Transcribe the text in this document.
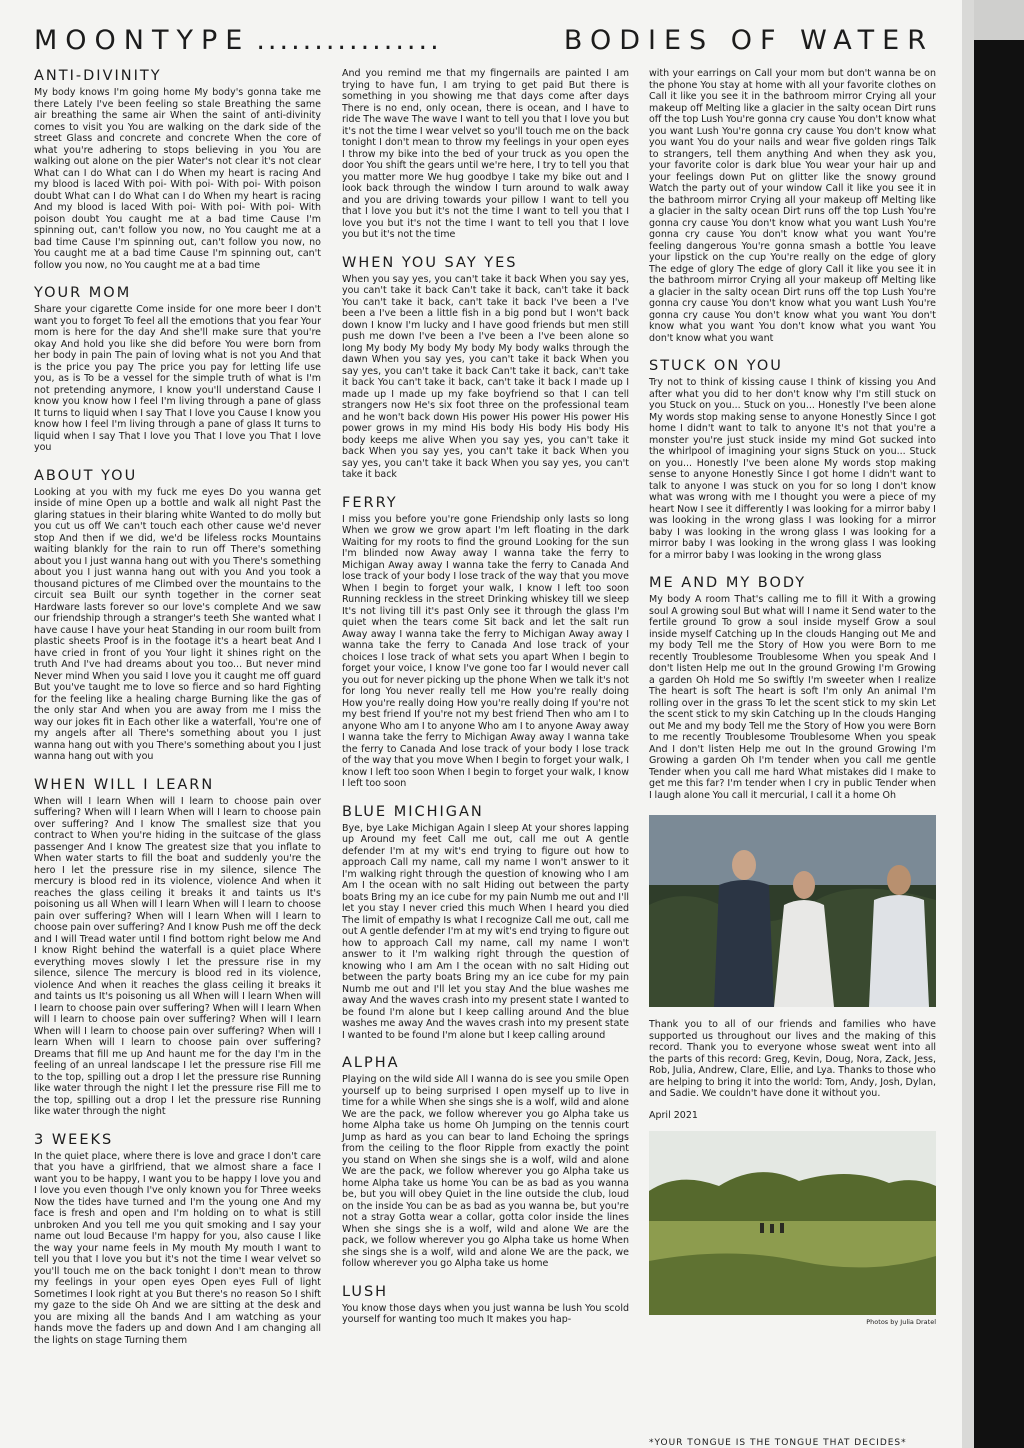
MOONTYPE ................	BODIES OF WATER
ANTI-DIVINITY

My body knows I'm going home My body's gonna take me there Lately I've been feeling so stale Breathing the same air breathing the same air When the saint of anti-divinity comes to visit you You are walking on the dark side of the street Glass and concrete and concrete When the core of what you're adhering to stops believing in you You are walking out alone on the pier Water's not clear it's not clear What can I do What can I do When my heart is racing And my blood is laced With poi- With poi- With poi- With poison doubt What can I do What can I do When my heart is racing And my blood is laced With poi- With poi- With poi- With poison doubt You caught me at a bad time Cause I'm spinning out, can't follow you now, no You caught me at a bad time Cause I'm spinning out, can't follow you now, no You caught me at a bad time Cause I'm spinning out, can't follow you now, no You caught me at a bad time

YOUR MOM

Share your cigarette Come inside for one more beer I don't want you to forget To feel all the emotions that you fear Your mom is here for the day And she'll make sure that you're okay And hold you like she did before You were born from her body in pain The pain of loving what is not you And that is the price you pay The price you pay for letting life use you, as is To be a vessel for the simple truth of what is I'm not pretending anymore, I know you'll understand Cause I know you know how I feel I'm living through a pane of glass It turns to liquid when I say That I love you Cause I know you know how I feel I'm living through a pane of glass It turns to liquid when I say That I love you That I love you That I love you

ABOUT YOU

Looking at you with my fuck me eyes Do you wanna get inside of mine Open up a bottle and walk all night Past the glaring statues in their blaring white Wanted to do molly but you cut us off We can't touch each other cause we'd never stop And then if we did, we'd be lifeless rocks Mountains waiting blankly for the rain to run off There's something about you I just wanna hang out with you There's something about you I just wanna hang out with you And you took a thousand pictures of me Climbed over the mountains to the circuit sea Built our synth together in the corner seat Hardware lasts forever so our love's complete And we saw our friendship through a stranger's teeth She wanted what I have cause I have your heat Standing in our room built from plastic sheets Proof is in the footage it's a heart beat And I have cried in front of you Your light it shines right on the truth And I've had dreams about you too... But never mind Never mind When you said I love you it caught me off guard But you've taught me to love so fierce and so hard Fighting for the feeling like a healing charge Burning like the gas of the only star And when you are away from me I miss the way our jokes fit in Each other like a waterfall, You're one of my angels after all There's something about you I just wanna hang out with you There's something about you I just wanna hang out with you

WHEN WILL I LEARN

When will I learn When will I learn to choose pain over suffering? When will I learn When will I learn to choose pain over suffering? And I know The smallest size that you contract to When you're hiding in the suitcase of the glass passenger And I know The greatest size that you inflate to When water starts to fill the boat and suddenly you're the hero I let the pressure rise in my silence, silence The mercury is blood red in its violence, violence And when it reaches the glass ceiling it breaks it and taints us It's poisoning us all When will I learn When will I learn to choose pain over suffering? When will I learn When will I learn to choose pain over suffering? And I know Push me off the deck and I will Tread water until I find bottom right below me And I know Right behind the waterfall is a quiet place Where everything moves slowly I let the pressure rise in my silence, silence The mercury is blood red in its violence, violence And when it reaches the glass ceiling it breaks it and taints us It's poisoning us all When will I learn When will I learn to choose pain over suffering? When will I learn When will I learn to choose pain over suffering? When will I learn When will I learn to choose pain over suffering? When will I learn When will I learn to choose pain over suffering? Dreams that fill me up And haunt me for the day I'm in the feeling of an unreal landscape I let the pressure rise Fill me to the top, spilling out a drop I let the pressure rise Running like water through the night I let the pressure rise Fill me to the top, spilling out a drop I let the pressure rise Running like water through the night

3 WEEKS

In the quiet place, where there is love and grace I don't care that you have a girlfriend, that we almost share a face I want you to be happy, I want you to be happy I love you and I love you even though I've only known you for Three weeks Now the tides have turned and I'm the young one And my face is fresh and open and I'm holding on to what is still unbroken And you tell me you quit smoking and I say your name out loud Because I'm happy for you, also cause I like the way your name feels in My mouth My mouth I want to tell you that I love you but it's not the time I wear velvet so you'll touch me on the back tonight I don't mean to throw my feelings in your open eyes Open eyes Full of light Sometimes I look right at you But there's no reason So I shift my gaze to the side Oh And we are sitting at the desk and you are mixing all the bands And I am watching as your hands move the faders up and down And I am changing all the lights on stage Turning them

And you remind me that my fingernails are painted I am trying to have fun, I am trying to get paid But there is something in you showing me that days come after days There is no end, only ocean, there is ocean, and I have to ride The wave The wave I want to tell you that I love you but it's not the time I wear velvet so you'll touch me on the back tonight I don't mean to throw my feelings in your open eyes I throw my bike into the bed of your truck as you open the door You shift the gears until we're here, I try to tell you that you matter more We hug goodbye I take my bike out and I look back through the window I turn around to walk away and you are driving towards your pillow I want to tell you that I love you but it's not the time I want to tell you that I love you but it's not the time I want to tell you that I love you but it's not the time

WHEN YOU SAY YES

When you say yes, you can't take it back When you say yes, you can't take it back Can't take it back, can't take it back You can't take it back, can't take it back I've been a I've been a I've been a little fish in a big pond but I won't back down I know I'm lucky and I have good friends but men still push me down I've been a I've been a I've been alone so long My body My body My body My body walks through the dawn When you say yes, you can't take it back When you say yes, you can't take it back Can't take it back, can't take it back You can't take it back, can't take it back I made up I made up I made up my fake boyfriend so that I can tell strangers now He's six foot three on the professional team and he won't back down His power His power His power His power grows in my mind His body His body His body His body keeps me alive When you say yes, you can't take it back When you say yes, you can't take it back When you say yes, you can't take it back When you say yes, you can't take it back

FERRY

I miss you before you're gone Friendship only lasts so long When we grow we grow apart I'm left floating in the dark Waiting for my roots to find the ground Looking for the sun I'm blinded now Away away I wanna take the ferry to Michigan Away away I wanna take the ferry to Canada And lose track of your body I lose track of the way that you move When I begin to forget your walk, I know I left too soon Running reckless in the street Drinking whiskey till we sleep It's not living till it's past Only see it through the glass I'm quiet when the tears come Sit back and let the salt run Away away I wanna take the ferry to Michigan Away away I wanna take the ferry to Canada And lose track of your choices I lose track of what sets you apart When I begin to forget your voice, I know I've gone too far I would never call you out for never picking up the phone When we talk it's not for long You never really tell me How you're really doing How you're really doing How you're really doing If you're not my best friend If you're not my best friend Then who am I to anyone Who am I to anyone Who am I to anyone Away away I wanna take the ferry to Michigan Away away I wanna take the ferry to Canada And lose track of your body I lose track of the way that you move When I begin to forget your walk, I know I left too soon When I begin to forget your walk, I know I left too soon

BLUE MICHIGAN

Bye, bye Lake Michigan Again I sleep At your shores lapping up Around my feet Call me out, call me out A gentle defender I'm at my wit's end trying to figure out how to approach Call my name, call my name I won't answer to it I'm walking right through the question of knowing who I am Am I the ocean with no salt Hiding out between the party boats Bring my an ice cube for my pain Numb me out and I'll let you stay I never cried this much When I heard you died The limit of empathy Is what I recognize Call me out, call me out A gentle defender I'm at my wit's end trying to figure out how to approach Call my name, call my name I won't answer to it I'm walking right through the question of knowing who I am Am I the ocean with no salt Hiding out between the party boats Bring my an ice cube for my pain Numb me out and I'll let you stay And the blue washes me away And the waves crash into my present state I wanted to be found I'm alone but I keep calling around And the blue washes me away And the waves crash into my present state I wanted to be found I'm alone but I keep calling around

ALPHA

Playing on the wild side All I wanna do is see you smile Open yourself up to being surprised I open myself up to live in time for a while When she sings she is a wolf, wild and alone We are the pack, we follow wherever you go Alpha take us home Alpha take us home Oh Jumping on the tennis court Jump as hard as you can bear to land Echoing the springs from the ceiling to the floor Ripple from exactly the point you stand on When she sings she is a wolf, wild and alone We are the pack, we follow wherever you go Alpha take us home Alpha take us home You can be as bad as you wanna be, but you will obey Quiet in the line outside the club, loud on the inside You can be as bad as you wanna be, but you're not a stray Gotta wear a collar, gotta color inside the lines When she sings she is a wolf, wild and alone We are the pack, we follow wherever you go Alpha take us home When she sings she is a wolf, wild and alone We are the pack, we follow wherever you go Alpha take us home

LUSH

You know those days when you just wanna be lush You scold yourself for wanting too much It makes you hap-

with your earrings on Call your mom but don't wanna be on the phone You stay at home with all your favorite clothes on Call it like you see it in the bathroom mirror Crying all your makeup off Melting like a glacier in the salty ocean Dirt runs off the top Lush You're gonna cry cause You don't know what you want Lush You're gonna cry cause You don't know what you want You do your nails and wear five golden rings Talk to strangers, tell them anything And when they ask you, your favorite color is dark blue You wear your hair up and your feelings down Put on glitter like the snowy ground Watch the party out of your window Call it like you see it in the bathroom mirror Crying all your makeup off Melting like a glacier in the salty ocean Dirt runs off the top Lush You're gonna cry cause You don't know what you want Lush You're gonna cry cause You don't know what you want You're feeling dangerous You're gonna smash a bottle You leave your lipstick on the cup You're really on the edge of glory The edge of glory The edge of glory Call it like you see it in the bathroom mirror Crying all your makeup off Melting like a glacier in the salty ocean Dirt runs off the top Lush You're gonna cry cause You don't know what you want Lush You're gonna cry cause You don't know what you want You don't know what you want You don't know what you want You don't know what you want

STUCK ON YOU

Try not to think of kissing cause I think of kissing you And after what you did to her don't know why I'm still stuck on you Stuck on you... Stuck on you... Honestly I've been alone My words stop making sense to anyone Honestly Since I got home I didn't want to talk to anyone It's not that you're a monster you're just stuck inside my mind Got sucked into the whirlpool of imagining your signs Stuck on you... Stuck on you... Honestly I've been alone My words stop making sense to anyone Honestly Since I got home I didn't want to talk to anyone I was stuck on you for so long I don't know what was wrong with me I thought you were a piece of my heart Now I see it differently I was looking for a mirror baby I was looking in the wrong glass I was looking for a mirror baby I was looking in the wrong glass I was looking for a mirror baby I was looking in the wrong glass I was looking for a mirror baby I was looking in the wrong glass

ME AND MY BODY

My body A room That's calling me to fill it With a growing soul A growing soul But what will I name it Send water to the fertile ground To grow a soul inside myself Grow a soul inside myself Catching up In the clouds Hanging out Me and my body Tell me the Story of How you were Born to me recently Troublesome Troublesome When you speak And I don't listen Help me out In the ground Growing I'm Growing a garden Oh Hold me So swiftly I'm sweeter when I realize The heart is soft The heart is soft I'm only An animal I'm rolling over in the grass To let the scent stick to my skin Let the scent stick to my skin Catching up In the clouds Hanging out Me and my body Tell me the Story of How you were Born to me recently Troublesome Troublesome When you speak And I don't listen Help me out In the ground Growing I'm Growing a garden Oh I'm tender when you call me gentle Tender when you call me hard What mistakes did I make to get me this far? I'm tender when I cry in public Tender when I laugh alone You call it mercurial, I call it a home Oh

Thank you to all of our friends and families who have supported us throughout our lives and the making of this record. Thank you to everyone whose sweat went into all the parts of this record: Greg, Kevin, Doug, Nora, Zack, Jess, Rob, Julia, Andrew, Clare, Ellie, and Lya. Thanks to those who are helping to bring it into the world: Tom, Andy, Josh, Dylan, and Sadie. We couldn't have done it without you.

April 2021
Photos by Julia Dratel
*YOUR TONGUE IS THE TONGUE THAT DECIDES*
